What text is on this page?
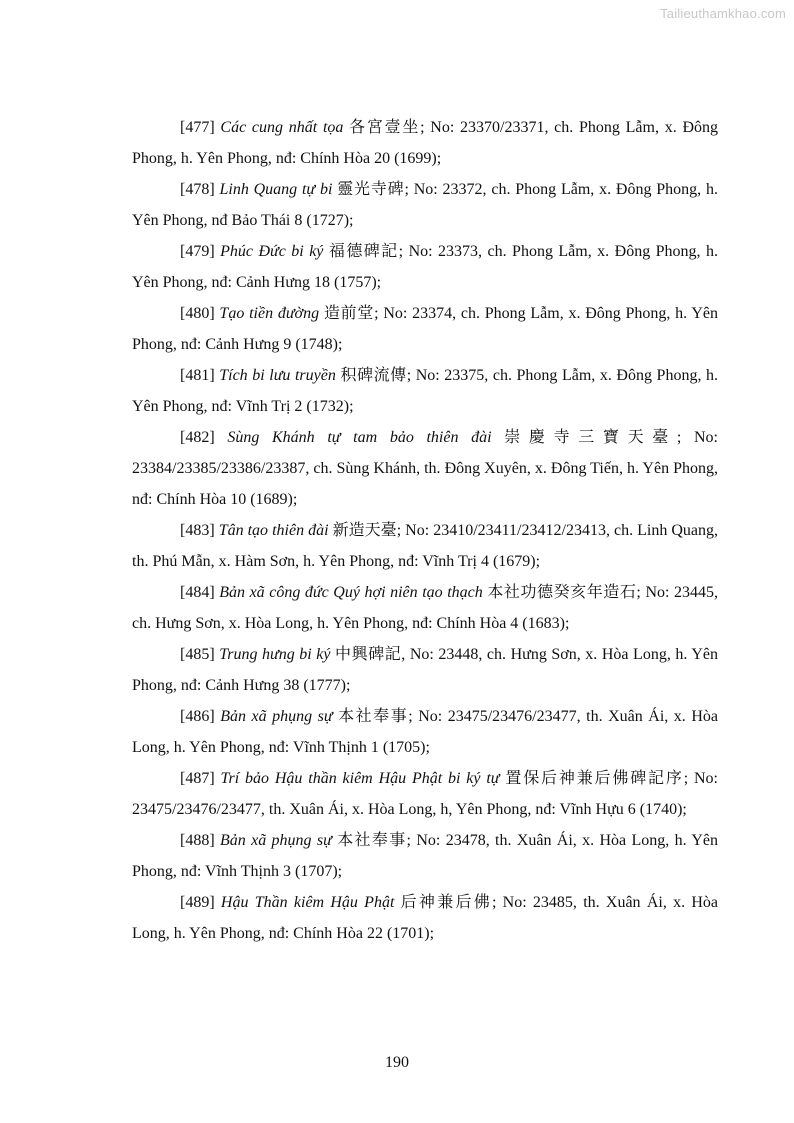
Tailieuthamkhao.com

[477] Các cung nhất tọa 各宮壹坐; No: 23370/23371, ch. Phong Lẫm, x. Đông Phong, h. Yên Phong, nđ: Chính Hòa 20 (1699);

[478] Linh Quang tự bi 靈光寺碑; No: 23372, ch. Phong Lẫm, x. Đông Phong, h. Yên Phong, nđ Bảo Thái 8 (1727);

[479] Phúc Đức bi ký 福德碑記; No: 23373, ch. Phong Lẫm, x. Đông Phong, h. Yên Phong, nđ: Cảnh Hưng 18 (1757);

[480] Tạo tiền đường 造前堂; No: 23374, ch. Phong Lẫm, x. Đông Phong, h. Yên Phong, nđ: Cảnh Hưng 9 (1748);

[481] Tích bi lưu truyền 积碑流傳; No: 23375, ch. Phong Lẫm, x. Đông Phong, h. Yên Phong, nđ: Vĩnh Trị 2 (1732);

[482] Sùng Khánh tự tam bảo thiên đài 崇慶寺三寶天臺; No: 23384/23385/23386/23387, ch. Sùng Khánh, th. Đông Xuyên, x. Đông Tiến, h. Yên Phong, nđ: Chính Hòa 10 (1689);

[483] Tân tạo thiên đài 新造天臺; No: 23410/23411/23412/23413, ch. Linh Quang, th. Phú Mẫn, x. Hàm Sơn, h. Yên Phong, nđ: Vĩnh Trị 4 (1679);

[484] Bản xã công đức Quý hợi niên tạo thạch 本社功德癸亥年造石; No: 23445, ch. Hưng Sơn, x. Hòa Long, h. Yên Phong, nđ: Chính Hòa 4 (1683);

[485] Trung hưng bi ký 中興碑記, No: 23448, ch. Hưng Sơn, x. Hòa Long, h. Yên Phong, nđ: Cảnh Hưng 38 (1777);

[486] Bản xã phụng sự 本社奉事; No: 23475/23476/23477, th. Xuân Ái, x. Hòa Long, h. Yên Phong, nđ: Vĩnh Thịnh 1 (1705);

[487] Trí bảo Hậu thần kiêm Hậu Phật bi ký tự 置保后神兼后佛碑記序; No: 23475/23476/23477, th. Xuân Ái, x. Hòa Long, h, Yên Phong, nđ: Vĩnh Hựu 6 (1740);

[488] Bản xã phụng sự 本社奉事; No: 23478, th. Xuân Ái, x. Hòa Long, h. Yên Phong, nđ: Vĩnh Thịnh 3 (1707);

[489] Hậu Thần kiêm Hậu Phật 后神兼后佛; No: 23485, th. Xuân Ái, x. Hòa Long, h. Yên Phong, nđ: Chính Hòa 22 (1701);

190
